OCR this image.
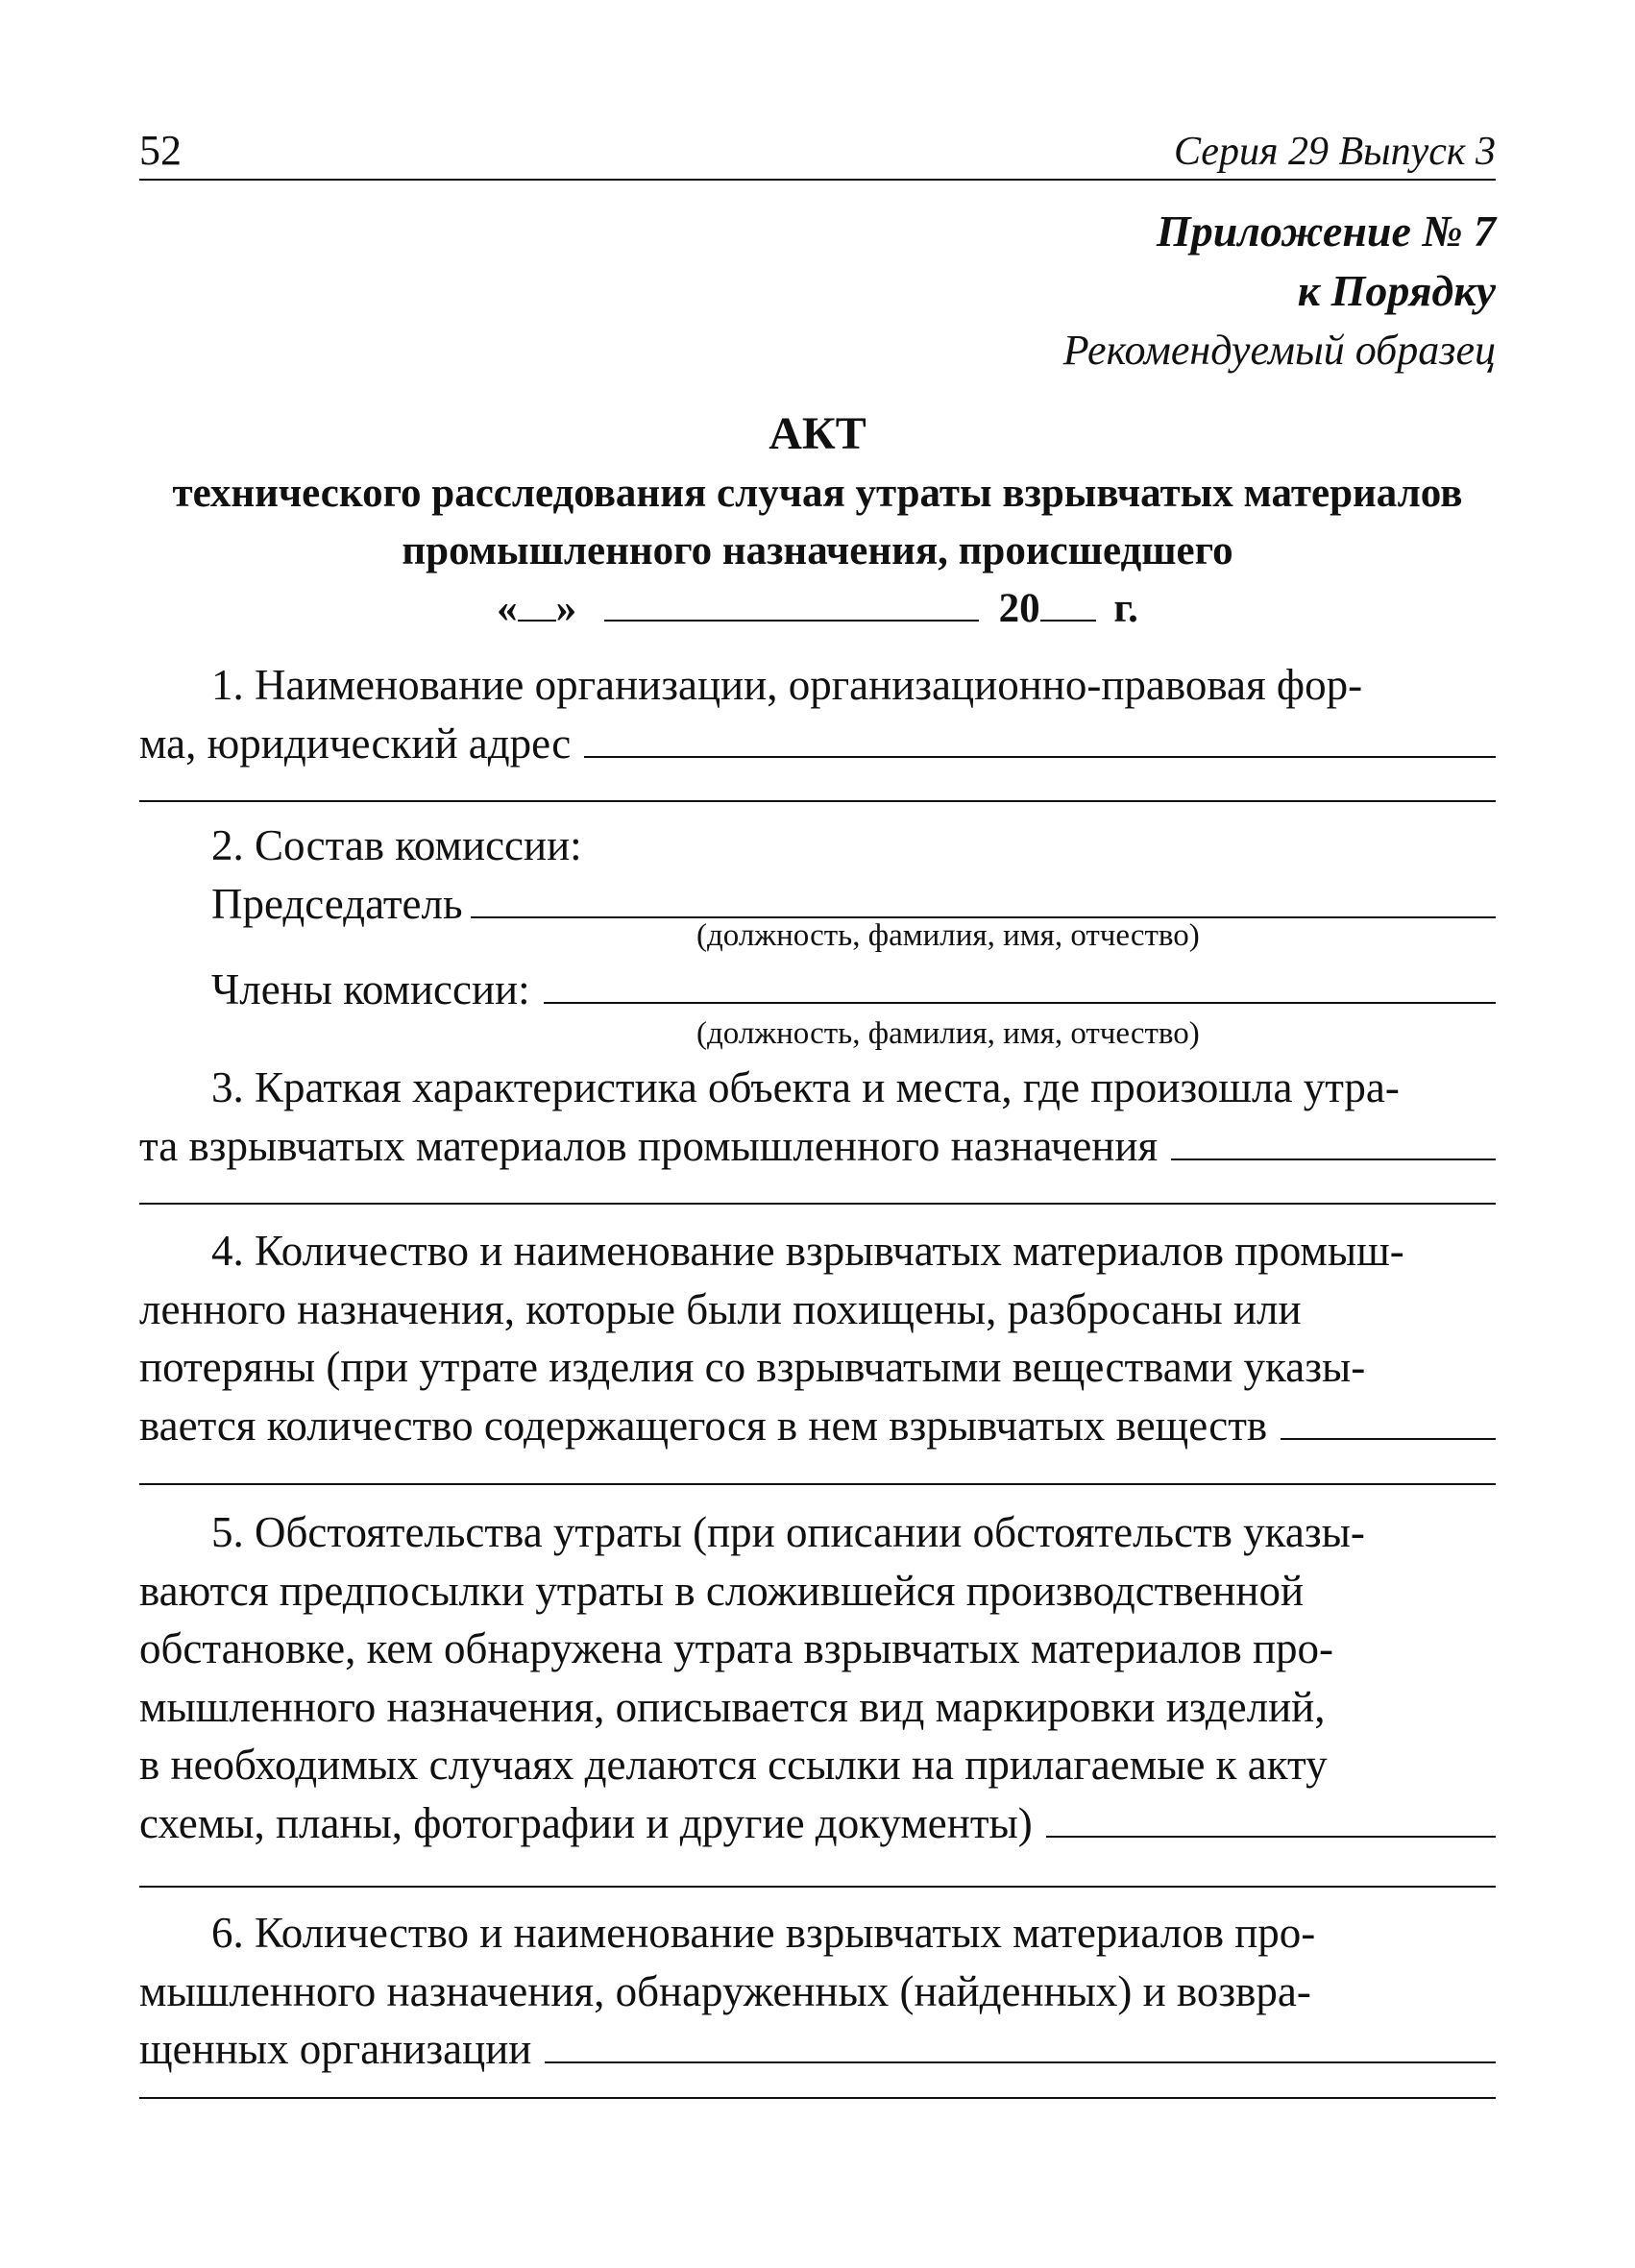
52	Серия 29 Выпуск 3
Приложение № 7
к Порядку
Рекомендуемый образец
АКТ
технического расследования случая утраты взрывчатых материалов
промышленного назначения, происшедшего
« »	20 г.
1. Наименование организации, организационно-правовая фор-
ма, юридический адрес
2. Состав комиссии:
Председатель
(должность, фамилия, имя, отчество)
Члены комиссии:
(должность, фамилия, имя, отчество)
3. Краткая характеристика объекта и места, где произошла утра-
та взрывчатых материалов промышленного назначения
4. Количество и наименование взрывчатых материалов промыш-
ленного назначения, которые были похищены, разбросаны или
потеряны (при утрате изделия со взрывчатыми веществами указы-
вается количество содержащегося в нем взрывчатых веществ
5. Обстоятельства утраты (при описании обстоятельств указы-
ваются предпосылки утраты в сложившейся производственной
обстановке, кем обнаружена утрата взрывчатых материалов про-
мышленного назначения, описывается вид маркировки изделий,
в необходимых случаях делаются ссылки на прилагаемые к акту
схемы, планы, фотографии и другие документы)
6. Количество и наименование взрывчатых материалов про-
мышленного назначения, обнаруженных (найденных) и возвра-
щенных организации
